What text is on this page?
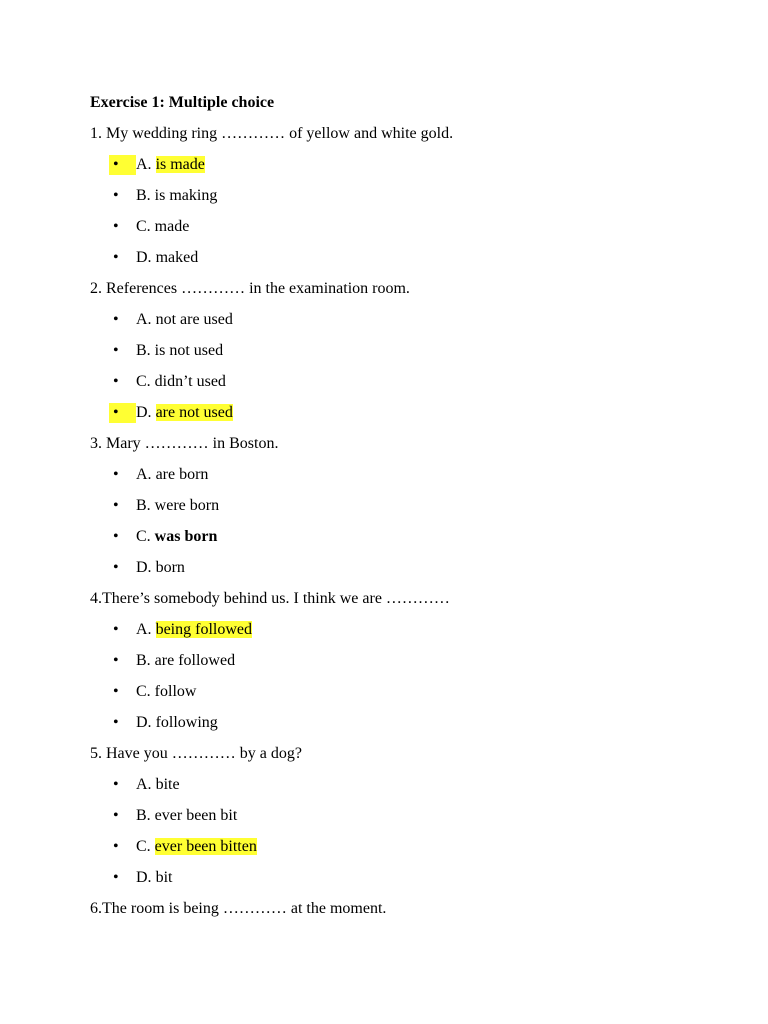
Exercise 1: Multiple choice
1. My wedding ring ………… of yellow and white gold.
•	A. is made
•	B. is making
•	C. made
•	D. maked
2. References ………… in the examination room.
•	A. not are used
•	B. is not used
•	C. didn’t used
•	D. are not used
3. Mary ………… in Boston.
•	A. are born
•	B. were born
•	C. was born
•	D. born
4.There’s somebody behind us. I think we are …………
•	A. being followed
•	B. are followed
•	C. follow
•	D. following
5. Have you ………… by a dog?
•	A. bite
•	B. ever been bit
•	C. ever been bitten
•	D. bit
6.The room is being ………… at the moment.
